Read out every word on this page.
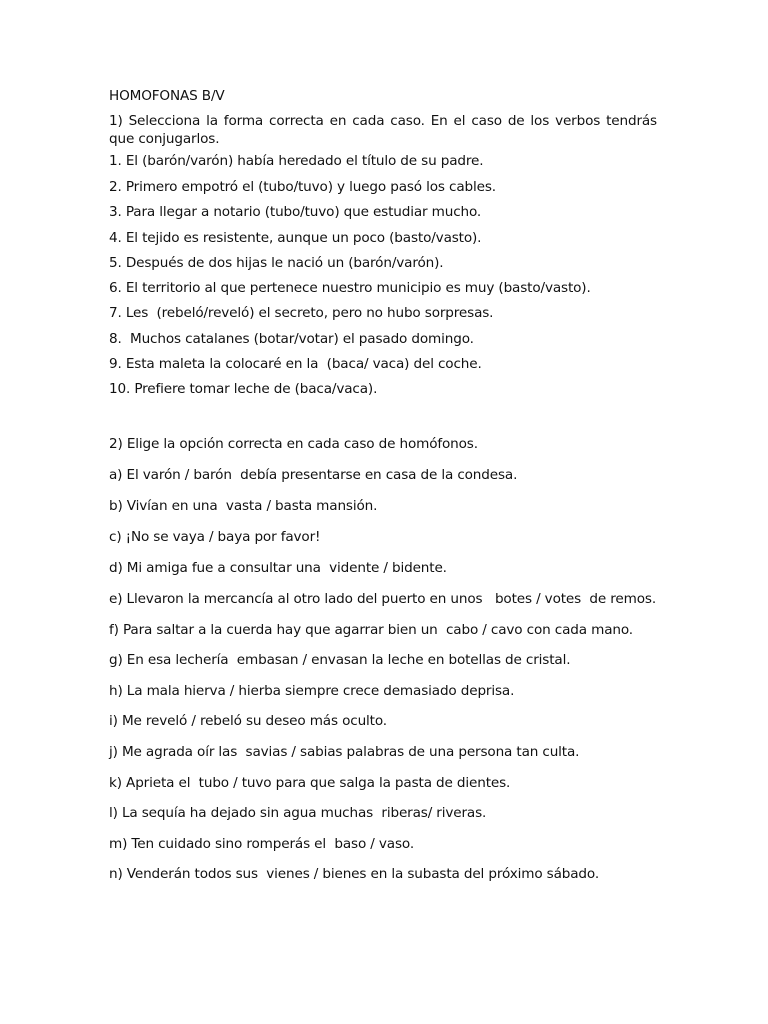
HOMOFONAS B/V
1) Selecciona la forma correcta en cada caso. En el caso de los verbos tendrás que conjugarlos.
1. El (barón/varón) había heredado el título de su padre.
2. Primero empotró el (tubo/tuvo) y luego pasó los cables.
3. Para llegar a notario (tubo/tuvo) que estudiar mucho.
4. El tejido es resistente, aunque un poco (basto/vasto).
5. Después de dos hijas le nació un (barón/varón).
6. El territorio al que pertenece nuestro municipio es muy (basto/vasto).
7. Les  (rebeló/reveló) el secreto, pero no hubo sorpresas.
8.  Muchos catalanes (botar/votar) el pasado domingo.
9. Esta maleta la colocaré en la  (baca/ vaca) del coche.
10. Prefiere tomar leche de (baca/vaca).
2) Elige la opción correcta en cada caso de homófonos.
a) El varón / barón  debía presentarse en casa de la condesa.
b) Vivían en una  vasta / basta mansión.
c) ¡No se vaya / baya por favor!
d) Mi amiga fue a consultar una  vidente / bidente.
e) Llevaron la mercancía al otro lado del puerto en unos   botes / votes  de remos.
f) Para saltar a la cuerda hay que agarrar bien un  cabo / cavo con cada mano.
g) En esa lechería  embasan / envasan la leche en botellas de cristal.
h) La mala hierva / hierba siempre crece demasiado deprisa.
i) Me reveló / rebeló su deseo más oculto.
j) Me agrada oír las  savias / sabias palabras de una persona tan culta.
k) Aprieta el  tubo / tuvo para que salga la pasta de dientes.
l) La sequía ha dejado sin agua muchas  riberas/ riveras.
m) Ten cuidado sino romperás el  baso / vaso.
n) Venderán todos sus  vienes / bienes en la subasta del próximo sábado.
